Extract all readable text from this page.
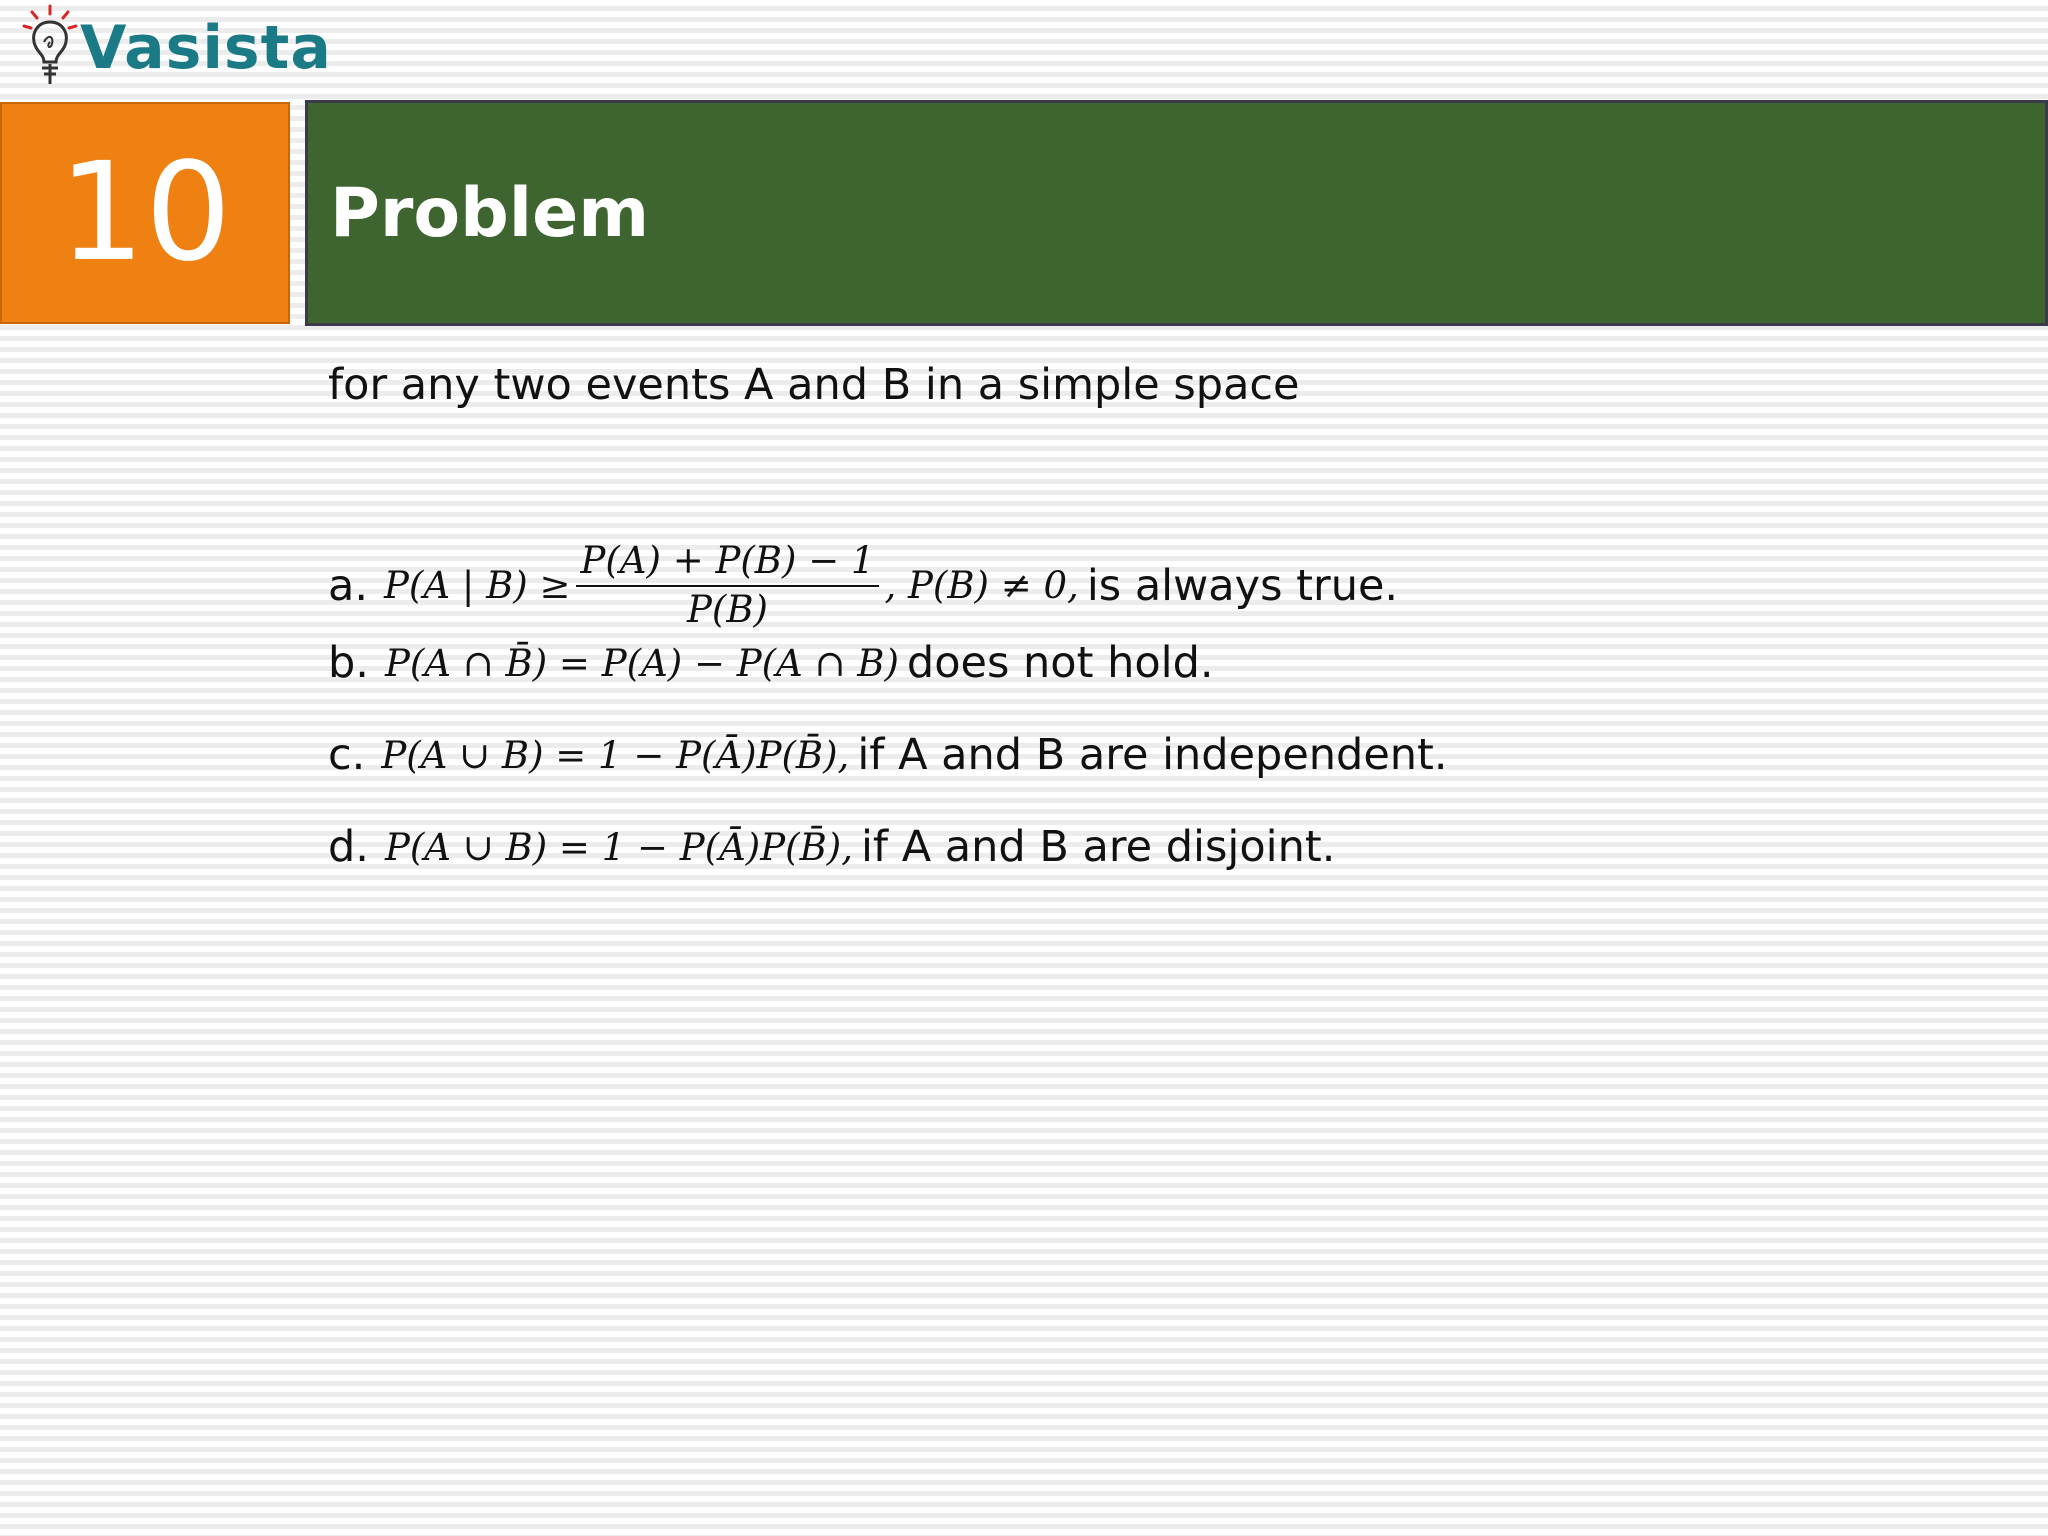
Vasista
10 Problem
for any two events A and B in a simple space
a. P(A | $B) \ge \frac{P(A) + P(B) - 1}{P(B)}$ , P(B) ≠ 0, is always true.
b. P(A ∩ B̄) = P(A) − P(A ∩ B) does not hold.
c. P(A ∪ B) = 1 − P(Ā)P(B̄), if A and B are independent.
d. P(A ∪ B) = 1 − P(Ā)P(B̄), if A and B are disjoint.
